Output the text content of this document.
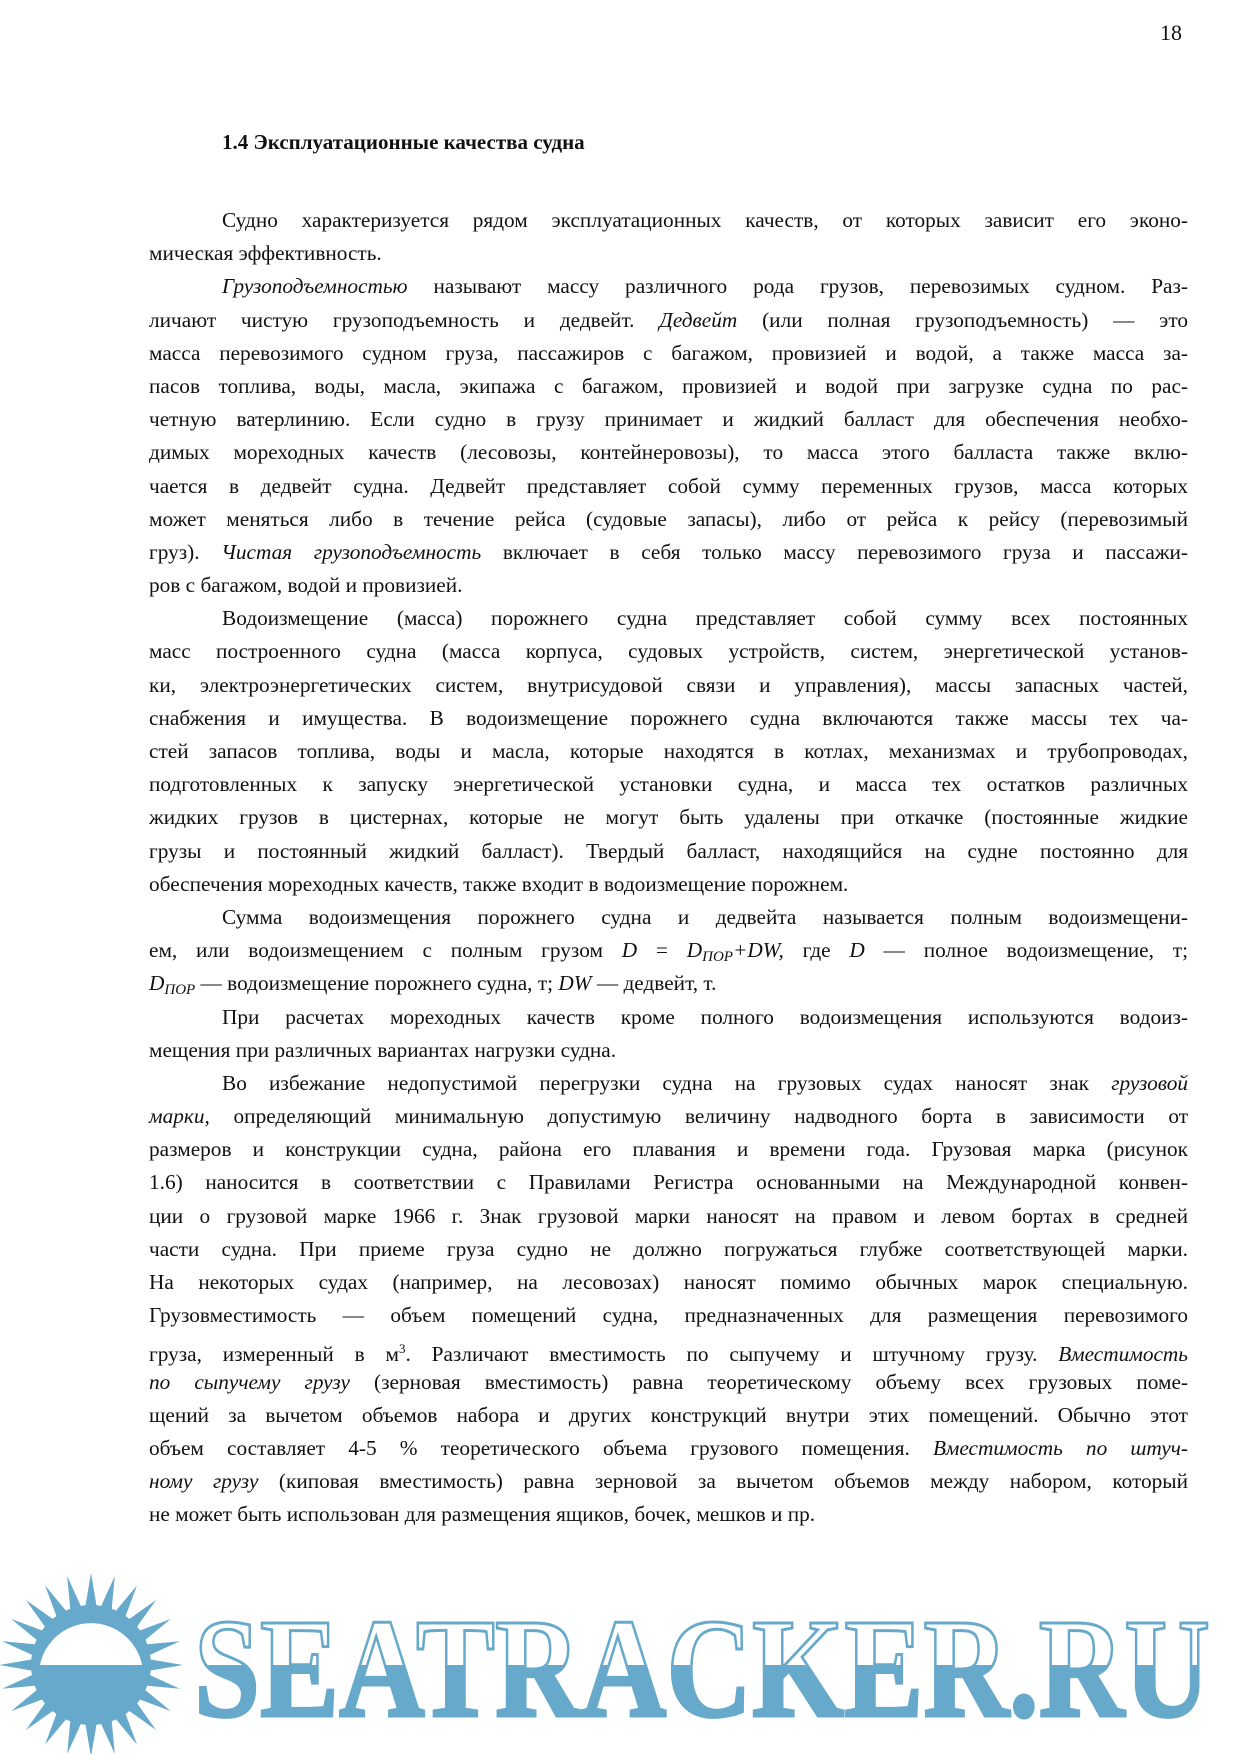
18
1.4 Эксплуатационные качества судна
Судно характеризуется рядом эксплуатационных качеств, от которых зависит его эконо-
мическая эффективность.
Грузоподъемностью называют массу различного рода грузов, перевозимых судном. Раз-
личают чистую грузоподъемность и дедвейт. Дедвейт (или полная грузоподъемность) — это
масса перевозимого судном груза, пассажиров с багажом, провизией и водой, а также масса за-
пасов топлива, воды, масла, экипажа с багажом, провизией и водой при загрузке судна по рас-
четную ватерлинию. Если судно в грузу принимает и жидкий балласт для обеспечения необхо-
димых мореходных качеств (лесовозы, контейнеровозы), то масса этого балласта также вклю-
чается в дедвейт судна. Дедвейт представляет собой сумму переменных грузов, масса которых
может меняться либо в течение рейса (судовые запасы), либо от рейса к рейсу (перевозимый
груз). Чистая грузоподъемность включает в себя только массу перевозимого груза и пассажи-
ров с багажом, водой и провизией.
Водоизмещение (масса) порожнего судна представляет собой сумму всех постоянных
масс построенного судна (масса корпуса, судовых устройств, систем, энергетической установ-
ки, электроэнергетических систем, внутрисудовой связи и управления), массы запасных частей,
снабжения и имущества. В водоизмещение порожнего судна включаются также массы тех ча-
стей запасов топлива, воды и масла, которые находятся в котлах, механизмах и трубопроводах,
подготовленных к запуску энергетической установки судна, и масса тех остатков различных
жидких грузов в цистернах, которые не могут быть удалены при откачке (постоянные жидкие
грузы и постоянный жидкий балласт). Твердый балласт, находящийся на судне постоянно для
обеспечения мореходных качеств, также входит в водоизмещение порожнем.
Сумма водоизмещения порожнего судна и дедвейта называется полным водоизмещени-
ем, или водоизмещением с полным грузом $D = D_{ПОР}+DW$, где D — полное водоизмещение, т;
$D_{ПОР}$ — водоизмещение порожнего судна, т; DW — дедвейт, т.
При расчетах мореходных качеств кроме полного водоизмещения используются водоиз-
мещения при различных вариантах нагрузки судна.
Во избежание недопустимой перегрузки судна на грузовых судах наносят знак грузовой
марки, определяющий минимальную допустимую величину надводного борта в зависимости от
размеров и конструкции судна, района его плавания и времени года. Грузовая марка (рисунок
1.6) наносится в соответствии с Правилами Регистра основанными на Международной конвен-
ции о грузовой марке 1966 г. Знак грузовой марки наносят на правом и левом бортах в средней
части судна. При приеме груза судно не должно погружаться глубже соответствующей марки.
На некоторых судах (например, на лесовозах) наносят помимо обычных марок специальную.
Грузовместимость — объем помещений судна, предназначенных для размещения перевозимого
груза, измеренный в $м^3$. Различают вместимость по сыпучему и штучному грузу. Вместимость
по сыпучему грузу (зерновая вместимость) равна теоретическому объему всех грузовых поме-
щений за вычетом объемов набора и других конструкций внутри этих помещений. Обычно этот
объем составляет 4-5 % теоретического объема грузового помещения. Вместимость по штуч-
ному грузу (киповая вместимость) равна зерновой за вычетом объемов между набором, который
не может быть использован для размещения ящиков, бочек, мешков и пр.
SEATRACKER.RU
